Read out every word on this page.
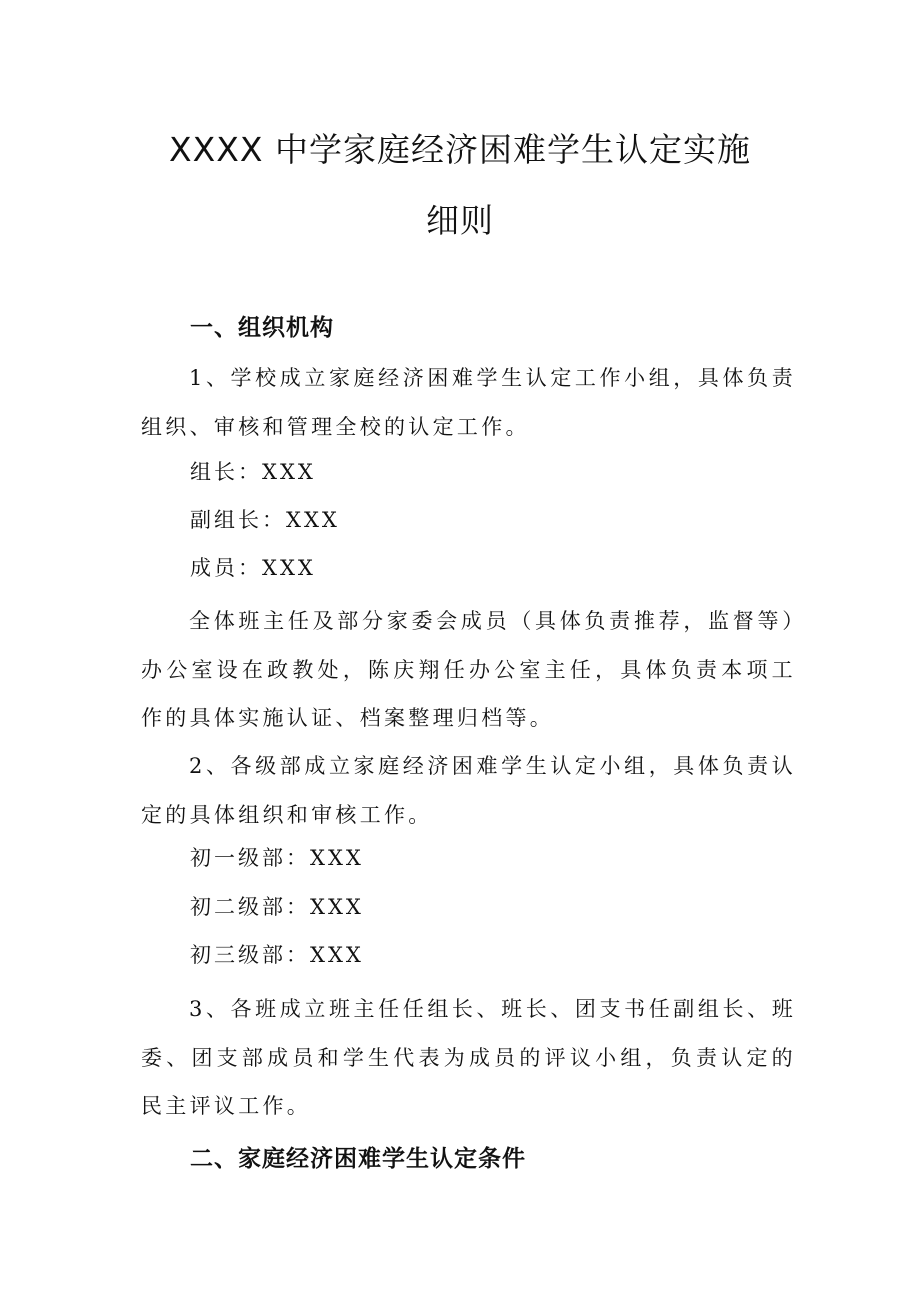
XXXX 中学家庭经济困难学生认定实施
细则
一、组织机构

1、学校成立家庭经济困难学生认定工作小组，具体负责组织、审核和管理全校的认定工作。

组长：XXX

副组长：XXX

成员：XXX

全体班主任及部分家委会成员（具体负责推荐，监督等）办公室设在政教处，陈庆翔任办公室主任，具体负责本项工作的具体实施认证、档案整理归档等。

2、各级部成立家庭经济困难学生认定小组，具体负责认定的具体组织和审核工作。

初一级部：XXX

初二级部：XXX

初三级部：XXX

3、各班成立班主任任组长、班长、团支书任副组长、班委、团支部成员和学生代表为成员的评议小组，负责认定的民主评议工作。

二、家庭经济困难学生认定条件
